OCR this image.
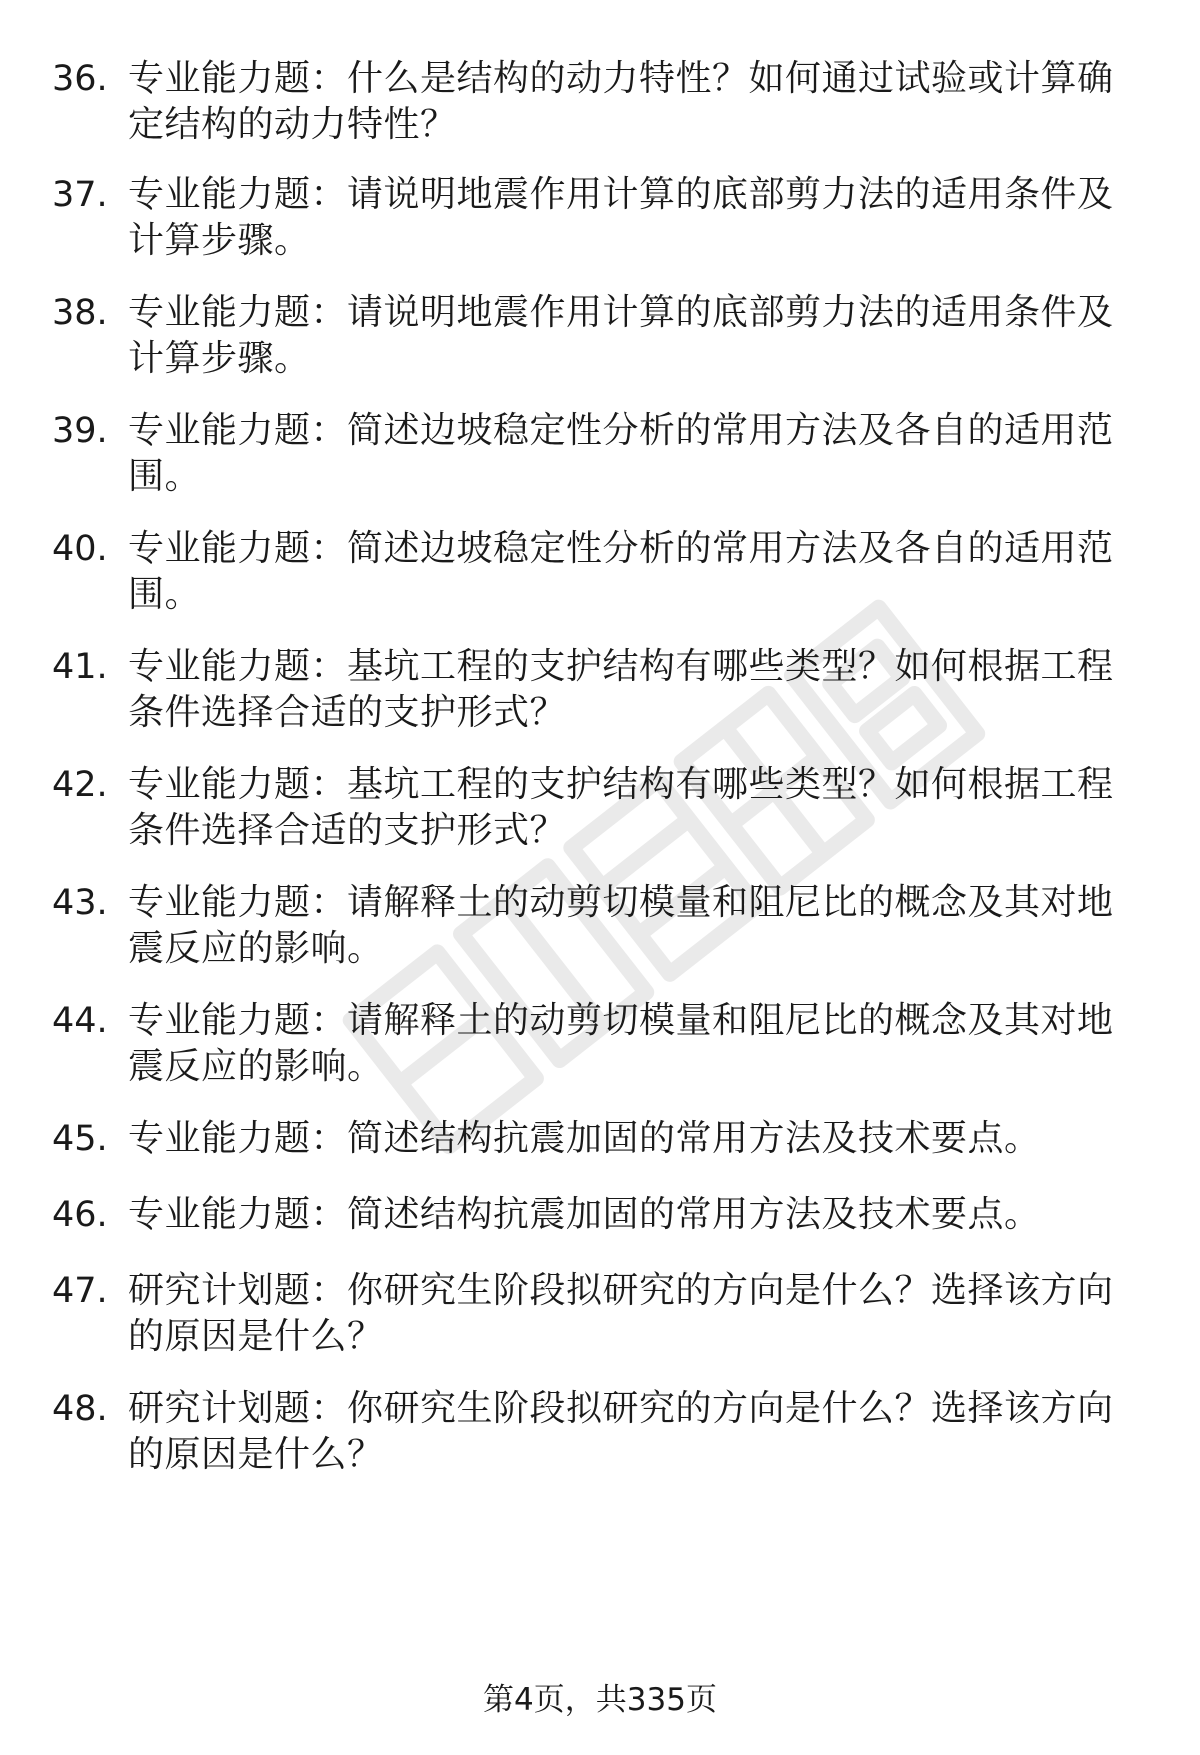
36. 专业能力题：什么是结构的动力特性？如何通过试验或计算确定结构的动力特性？
37. 专业能力题：请说明地震作用计算的底部剪力法的适用条件及计算步骤。
38. 专业能力题：请说明地震作用计算的底部剪力法的适用条件及计算步骤。
39. 专业能力题：简述边坡稳定性分析的常用方法及各自的适用范围。
40. 专业能力题：简述边坡稳定性分析的常用方法及各自的适用范围。
41. 专业能力题：基坑工程的支护结构有哪些类型？如何根据工程条件选择合适的支护形式？
42. 专业能力题：基坑工程的支护结构有哪些类型？如何根据工程条件选择合适的支护形式？
43. 专业能力题：请解释土的动剪切模量和阻尼比的概念及其对地震反应的影响。
44. 专业能力题：请解释土的动剪切模量和阻尼比的概念及其对地震反应的影响。
45. 专业能力题：简述结构抗震加固的常用方法及技术要点。
46. 专业能力题：简述结构抗震加固的常用方法及技术要点。
47. 研究计划题：你研究生阶段拟研究的方向是什么？选择该方向的原因是什么？
48. 研究计划题：你研究生阶段拟研究的方向是什么？选择该方向的原因是什么？
第4页，共335页
